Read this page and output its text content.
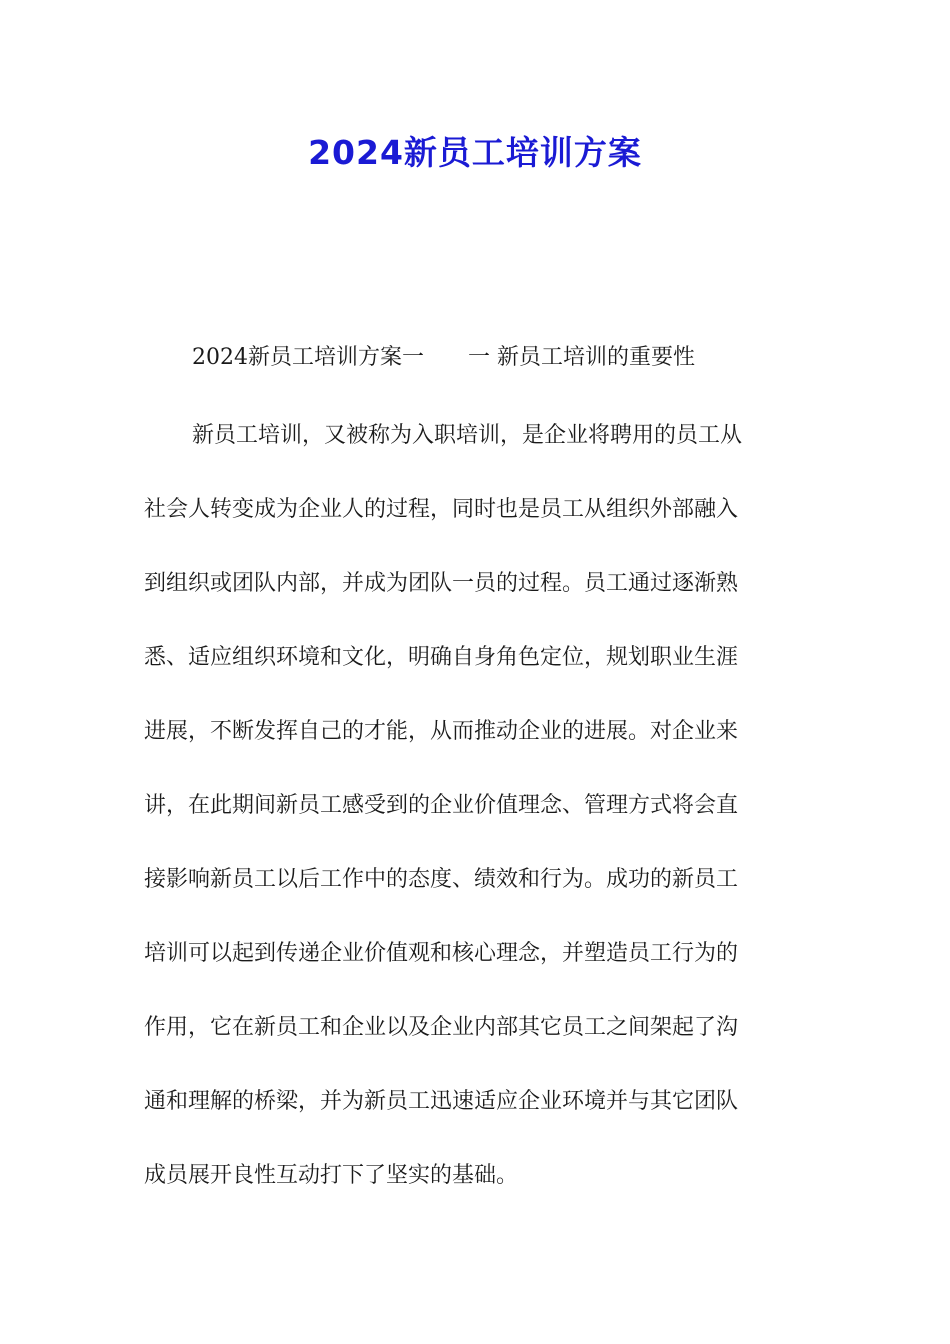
2024新员工培训方案
2024新员工培训方案一 一 新员工培训的重要性
新员工培训，又被称为入职培训，是企业将聘用的员工从
社会人转变成为企业人的过程，同时也是员工从组织外部融入
到组织或团队内部，并成为团队一员的过程。员工通过逐渐熟
悉、适应组织环境和文化，明确自身角色定位，规划职业生涯
进展，不断发挥自己的才能，从而推动企业的进展。对企业来
讲，在此期间新员工感受到的企业价值理念、管理方式将会直
接影响新员工以后工作中的态度、绩效和行为。成功的新员工
培训可以起到传递企业价值观和核心理念，并塑造员工行为的
作用，它在新员工和企业以及企业内部其它员工之间架起了沟
通和理解的桥梁，并为新员工迅速适应企业环境并与其它团队
成员展开良性互动打下了坚实的基础。
